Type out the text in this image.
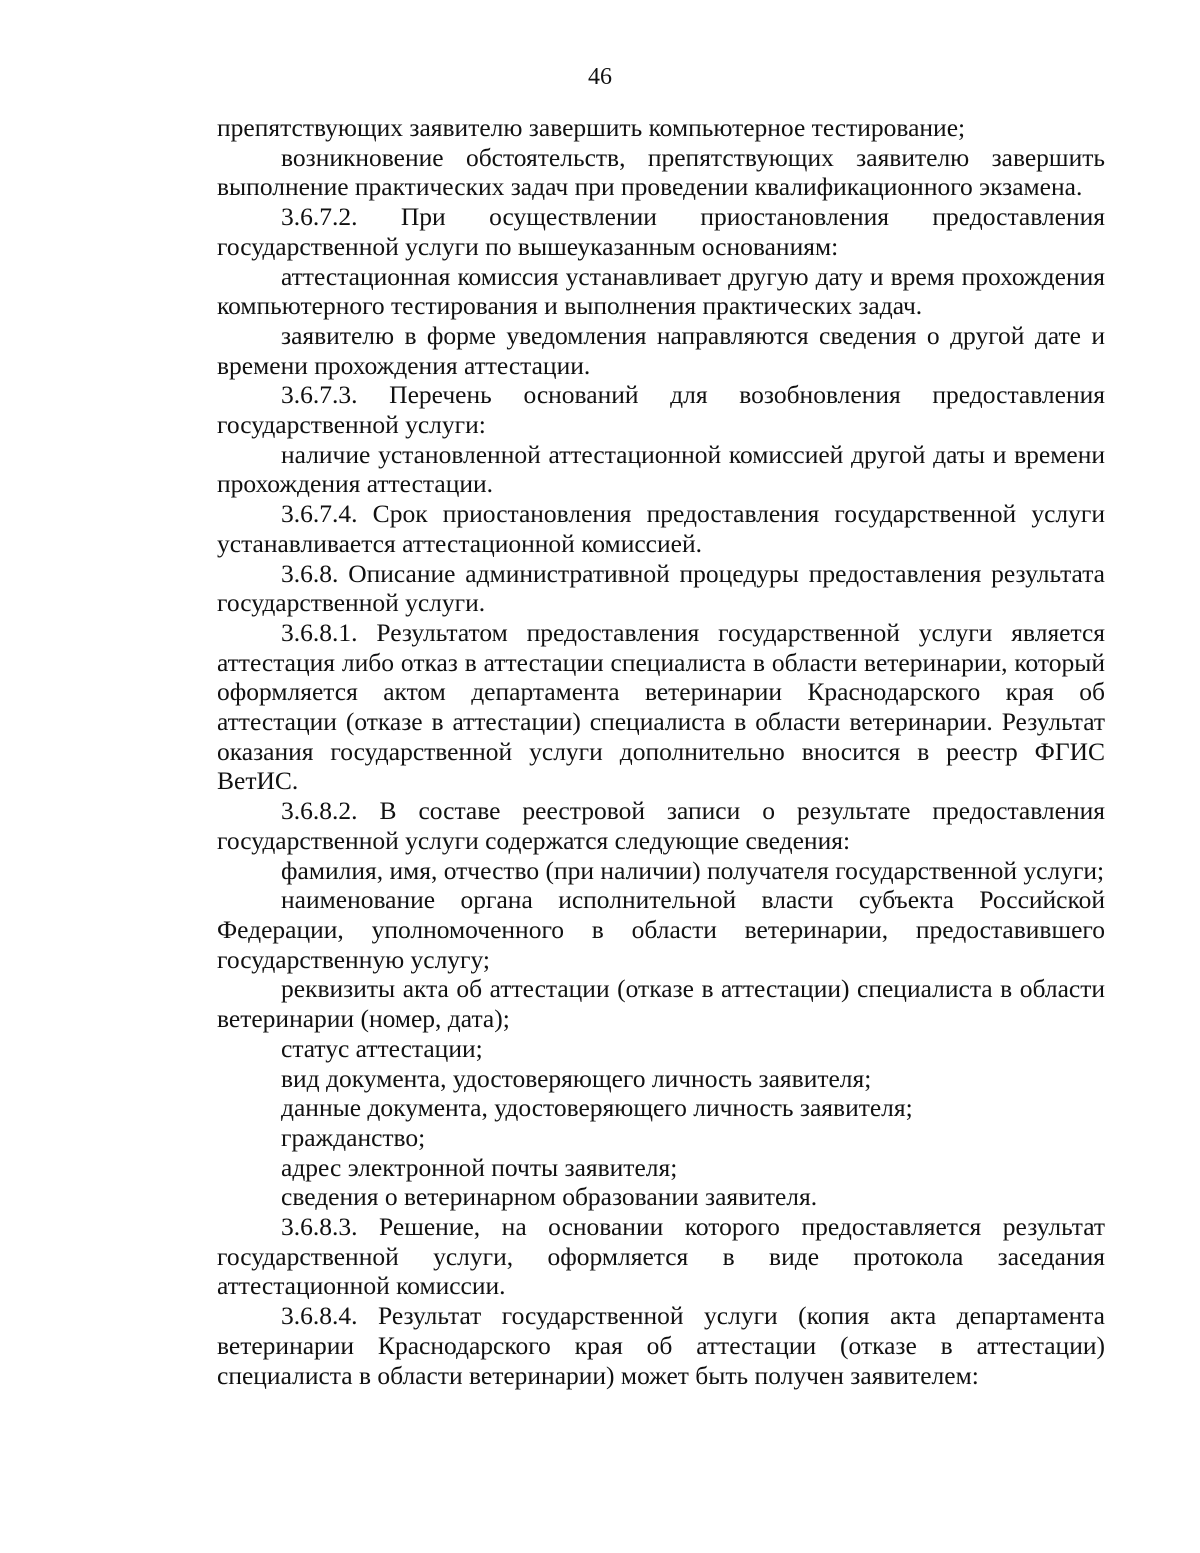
46

препятствующих заявителю завершить компьютерное тестирование;

возникновение обстоятельств, препятствующих заявителю завершить выполнение практических задач при проведении квалификационного экзамена.

3.6.7.2. При осуществлении приостановления предоставления государственной услуги по вышеуказанным основаниям:

аттестационная комиссия устанавливает другую дату и время прохождения компьютерного тестирования и выполнения практических задач.

заявителю в форме уведомления направляются сведения о другой дате и времени прохождения аттестации.

3.6.7.3. Перечень оснований для возобновления предоставления государственной услуги:

наличие установленной аттестационной комиссией другой даты и времени прохождения аттестации.

3.6.7.4. Срок приостановления предоставления государственной услуги устанавливается аттестационной комиссией.

3.6.8. Описание административной процедуры предоставления результата государственной услуги.

3.6.8.1. Результатом предоставления государственной услуги является аттестация либо отказ в аттестации специалиста в области ветеринарии, который оформляется актом департамента ветеринарии Краснодарского края об аттестации (отказе в аттестации) специалиста в области ветеринарии. Результат оказания государственной услуги дополнительно вносится в реестр ФГИС ВетИС.

3.6.8.2. В составе реестровой записи о результате предоставления государственной услуги содержатся следующие сведения:

фамилия, имя, отчество (при наличии) получателя государственной услуги;

наименование органа исполнительной власти субъекта Российской Федерации, уполномоченного в области ветеринарии, предоставившего государственную услугу;

реквизиты акта об аттестации (отказе в аттестации) специалиста в области ветеринарии (номер, дата);

статус аттестации;

вид документа, удостоверяющего личность заявителя;

данные документа, удостоверяющего личность заявителя;

гражданство;

адрес электронной почты заявителя;

сведения о ветеринарном образовании заявителя.

3.6.8.3. Решение, на основании которого предоставляется результат государственной услуги, оформляется в виде протокола заседания аттестационной комиссии.

3.6.8.4. Результат государственной услуги (копия акта департамента ветеринарии Краснодарского края об аттестации (отказе в аттестации) специалиста в области ветеринарии) может быть получен заявителем:
